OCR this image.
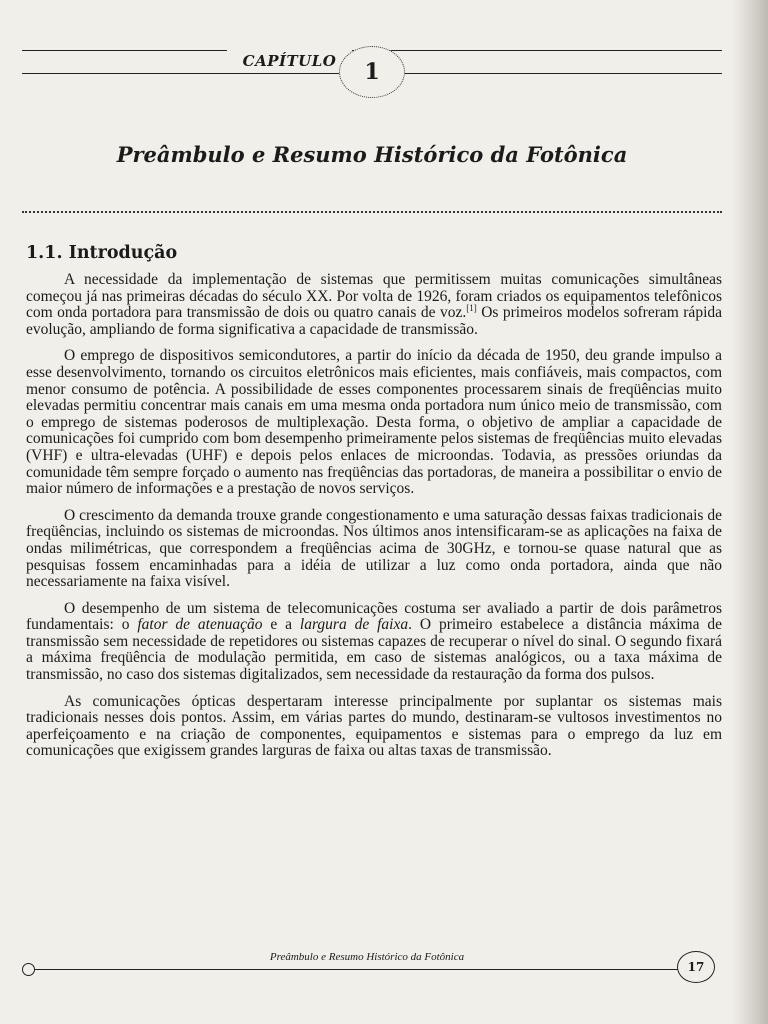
CAPÍTULO	1
Preâmbulo e Resumo Histórico da Fotônica
1.1. Introdução

A necessidade da implementação de sistemas que permitissem muitas comunicações simultâneas começou já nas primeiras décadas do século XX. Por volta de 1926, foram criados os equipamentos telefônicos com onda portadora para transmissão de dois ou quatro canais de voz.[1] Os primeiros modelos sofreram rápida evolução, ampliando de forma significativa a capacidade de transmissão.

O emprego de dispositivos semicondutores, a partir do início da década de 1950, deu grande impulso a esse desenvolvimento, tornando os circuitos eletrônicos mais eficientes, mais confiáveis, mais compactos, com menor consumo de potência. A possibilidade de esses componentes processarem sinais de freqüências muito elevadas permitiu concentrar mais canais em uma mesma onda portadora num único meio de transmissão, com o emprego de sistemas poderosos de multiplexação. Desta forma, o objetivo de ampliar a capacidade de comunicações foi cumprido com bom desempenho primeiramente pelos sistemas de freqüências muito elevadas (VHF) e ultra-elevadas (UHF) e depois pelos enlaces de microondas. Todavia, as pressões oriundas da comunidade têm sempre forçado o aumento nas freqüências das portadoras, de maneira a possibilitar o envio de maior número de informações e a prestação de novos serviços.

O crescimento da demanda trouxe grande congestionamento e uma saturação dessas faixas tradicionais de freqüências, incluindo os sistemas de microondas. Nos últimos anos intensificaram-se as aplicações na faixa de ondas milimétricas, que correspondem a freqüências acima de 30GHz, e tornou-se quase natural que as pesquisas fossem encaminhadas para a idéia de utilizar a luz como onda portadora, ainda que não necessariamente na faixa visível.

O desempenho de um sistema de telecomunicações costuma ser avaliado a partir de dois parâmetros fundamentais: o fator de atenuação e a largura de faixa. O primeiro estabelece a distância máxima de transmissão sem necessidade de repetidores ou sistemas capazes de recuperar o nível do sinal. O segundo fixará a máxima freqüência de modulação permitida, em caso de sistemas analógicos, ou a taxa máxima de transmissão, no caso dos sistemas digitalizados, sem necessidade da restauração da forma dos pulsos.

As comunicações ópticas despertaram interesse principalmente por suplantar os sistemas mais tradicionais nesses dois pontos. Assim, em várias partes do mundo, destinaram-se vultosos investimentos no aperfeiçoamento e na criação de componentes, equipamentos e sistemas para o emprego da luz em comunicações que exigissem grandes larguras de faixa ou altas taxas de transmissão.

Preâmbulo e Resumo Histórico da Fotônica
17
